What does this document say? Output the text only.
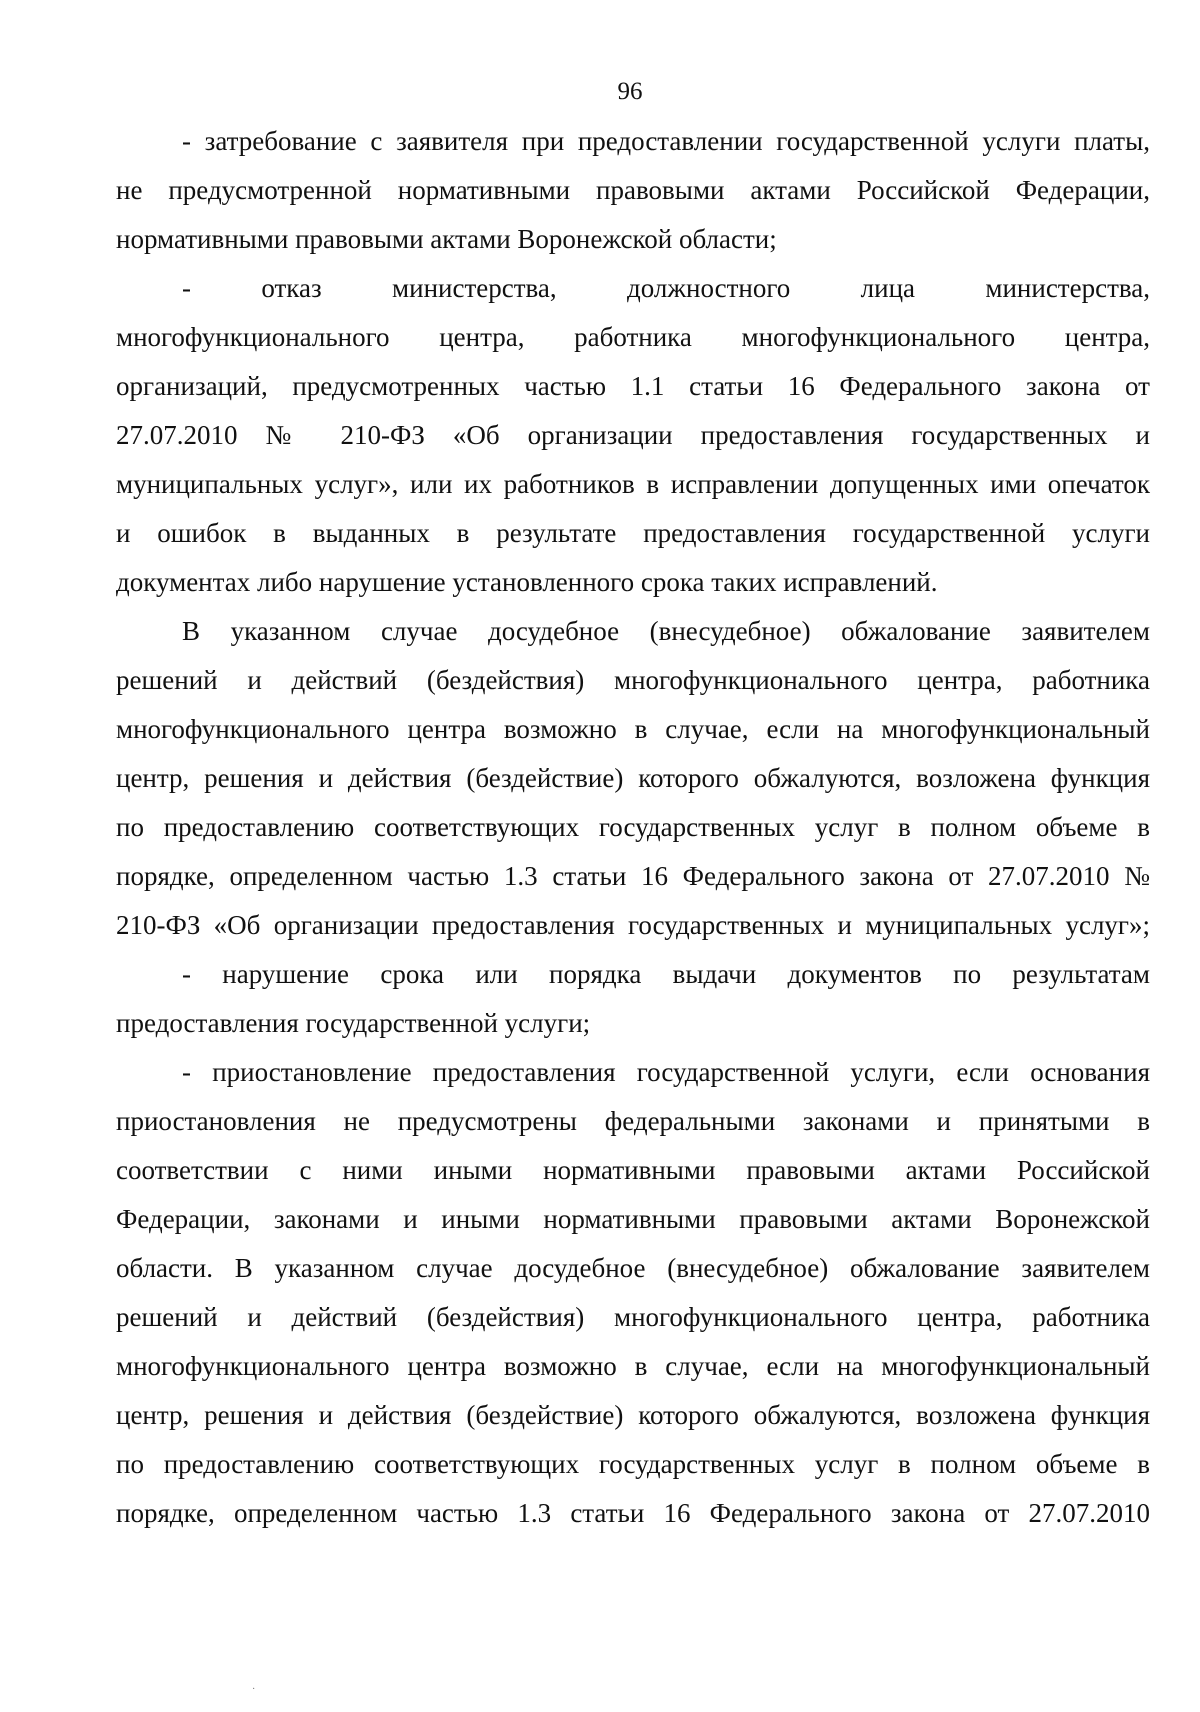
96
- затребование с заявителя при предоставлении государственной услуги платы,
не предусмотренной нормативными правовыми актами Российской Федерации,
нормативными правовыми актами Воронежской области;
- отказ министерства, должностного лица министерства,
многофункционального центра, работника многофункционального центра,
организаций, предусмотренных частью 1.1 статьи 16 Федерального закона от
27.07.2010 № 210-ФЗ «Об организации предоставления государственных и
муниципальных услуг», или их работников в исправлении допущенных ими опечаток
и ошибок в выданных в результате предоставления государственной услуги
документах либо нарушение установленного срока таких исправлений.
В указанном случае досудебное (внесудебное) обжалование заявителем
решений и действий (бездействия) многофункционального центра, работника
многофункционального центра возможно в случае, если на многофункциональный
центр, решения и действия (бездействие) которого обжалуются, возложена функция
по предоставлению соответствующих государственных услуг в полном объеме в
порядке, определенном частью 1.3 статьи 16 Федерального закона от 27.07.2010 №
210-ФЗ «Об организации предоставления государственных и муниципальных услуг»;
- нарушение срока или порядка выдачи документов по результатам
предоставления государственной услуги;
- приостановление предоставления государственной услуги, если основания
приостановления не предусмотрены федеральными законами и принятыми в
соответствии с ними иными нормативными правовыми актами Российской
Федерации, законами и иными нормативными правовыми актами Воронежской
области. В указанном случае досудебное (внесудебное) обжалование заявителем
решений и действий (бездействия) многофункционального центра, работника
многофункционального центра возможно в случае, если на многофункциональный
центр, решения и действия (бездействие) которого обжалуются, возложена функция
по предоставлению соответствующих государственных услуг в полном объеме в
порядке, определенном частью 1.3 статьи 16 Федерального закона от 27.07.2010
·
